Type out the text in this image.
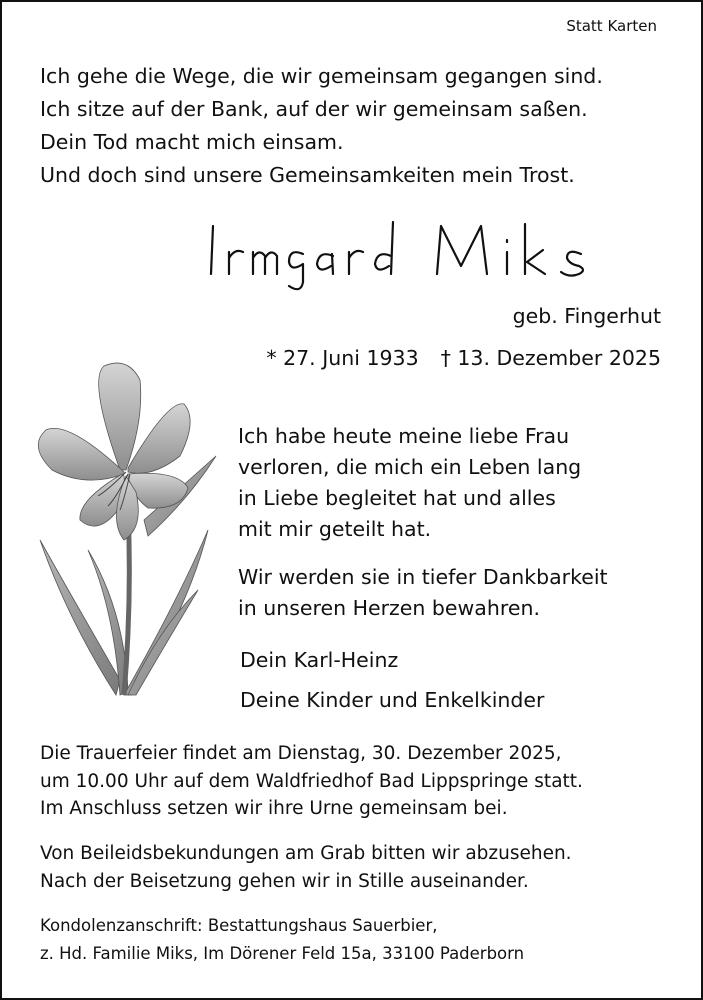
Statt Karten
Ich gehe die Wege, die wir gemeinsam gegangen sind.
Ich sitze auf der Bank, auf der wir gemeinsam saßen.
Dein Tod macht mich einsam.
Und doch sind unsere Gemeinsamkeiten mein Trost.
geb. Fingerhut
* 27. Juni 1933 † 13. Dezember 2025
Ich habe heute meine liebe Frau
verloren, die mich ein Leben lang
in Liebe begleitet hat und alles
mit mir geteilt hat.
Wir werden sie in tiefer Dankbarkeit
in unseren Herzen bewahren.
Dein Karl-Heinz
Deine Kinder und Enkelkinder
Die Trauerfeier findet am Dienstag, 30. Dezember 2025,
um 10.00 Uhr auf dem Waldfriedhof Bad Lippspringe statt.
Im Anschluss setzen wir ihre Urne gemeinsam bei.
Von Beileidsbekundungen am Grab bitten wir abzusehen.
Nach der Beisetzung gehen wir in Stille auseinander.
Kondolenzanschrift: Bestattungshaus Sauerbier,
z. Hd. Familie Miks, Im Dörener Feld 15a, 33100 Paderborn
